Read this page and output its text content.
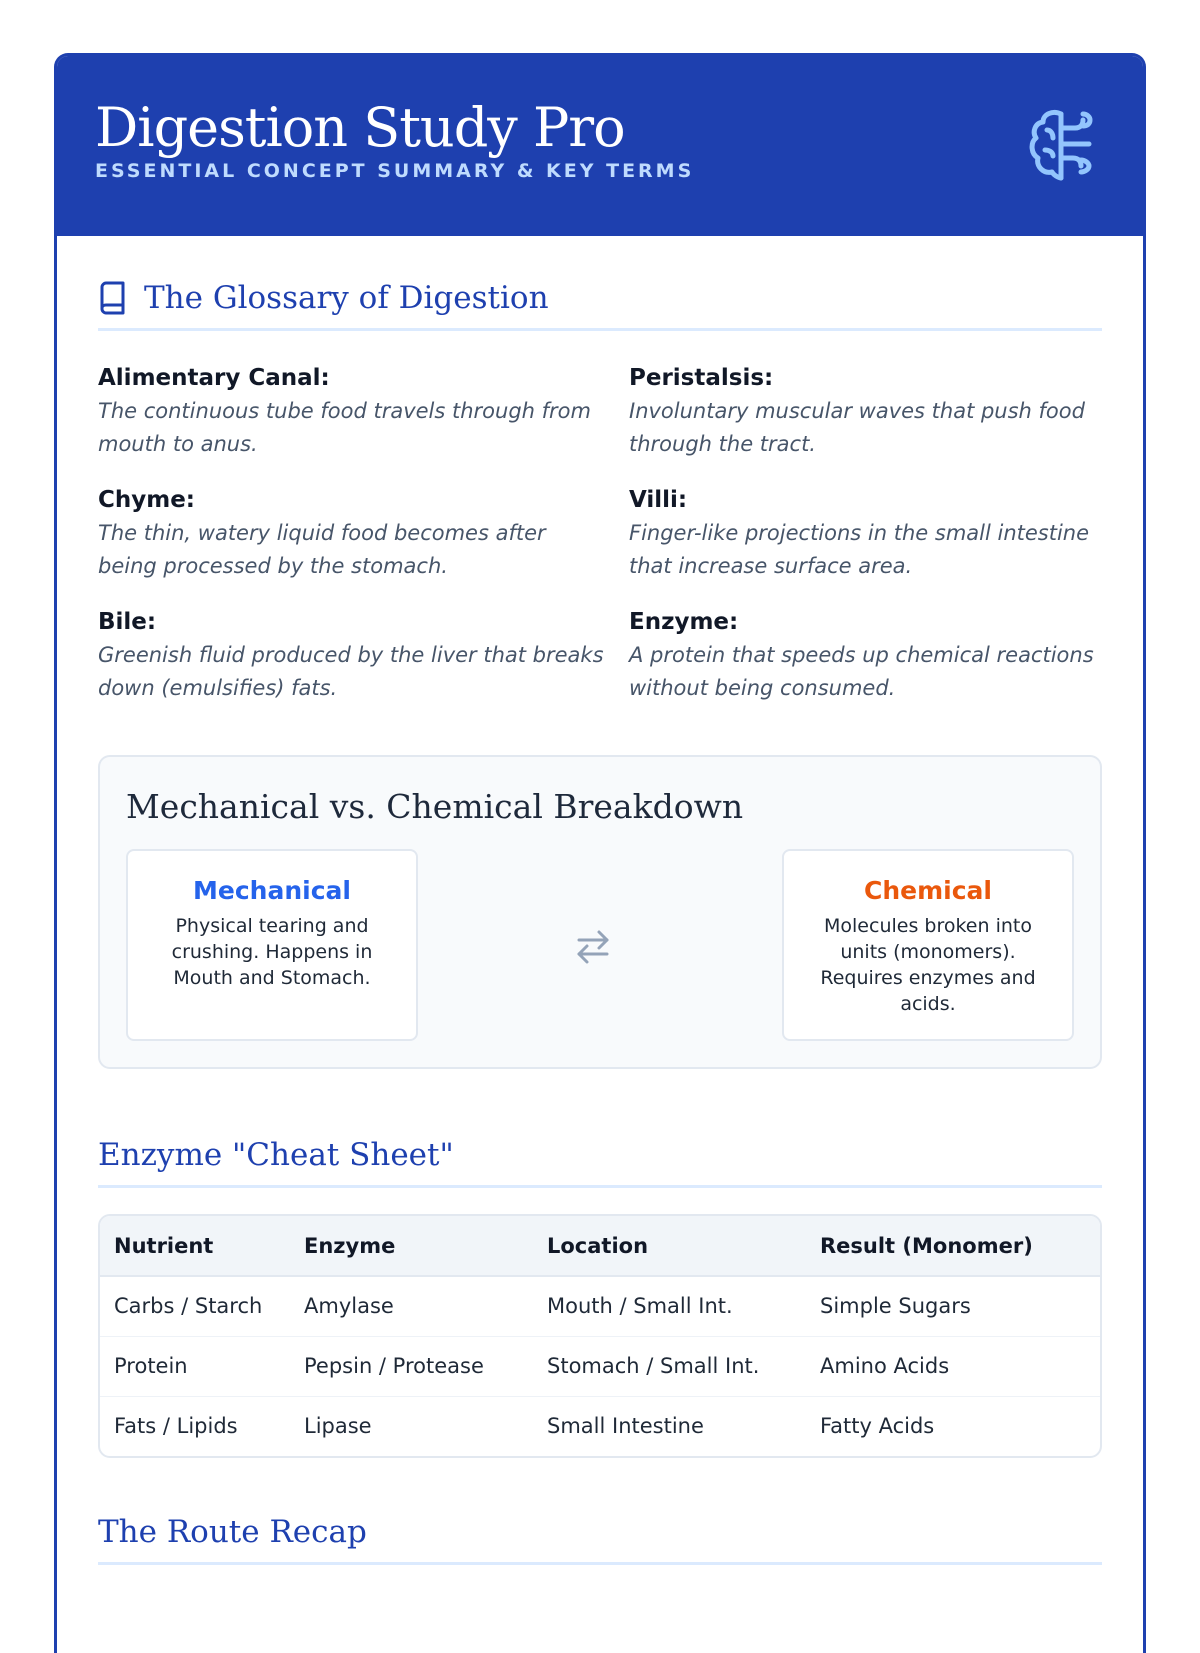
Digestion Study Pro
ESSENTIAL CONCEPT SUMMARY & KEY TERMS
The Glossary of Digestion
Alimentary Canal:
The continuous tube food travels through from mouth to anus.
Peristalsis:
Involuntary muscular waves that push food through the tract.
Chyme:
The thin, watery liquid food becomes after being processed by the stomach.
Villi:
Finger-like projections in the small intestine that increase surface area.
Bile:
Greenish fluid produced by the liver that breaks down (emulsifies) fats.
Enzyme:
A protein that speeds up chemical reactions without being consumed.
Mechanical vs. Chemical Breakdown
Mechanical
Physical tearing and crushing. Happens in Mouth and Stomach.
Chemical
Molecules broken into units (monomers). Requires enzymes and acids.
Enzyme "Cheat Sheet"
Nutrient	Enzyme	Location	Result (Monomer)
Carbs / Starch	Amylase	Mouth / Small Int.	Simple Sugars
Protein	Pepsin / Protease	Stomach / Small Int.	Amino Acids
Fats / Lipids	Lipase	Small Intestine	Fatty Acids
The Route Recap
